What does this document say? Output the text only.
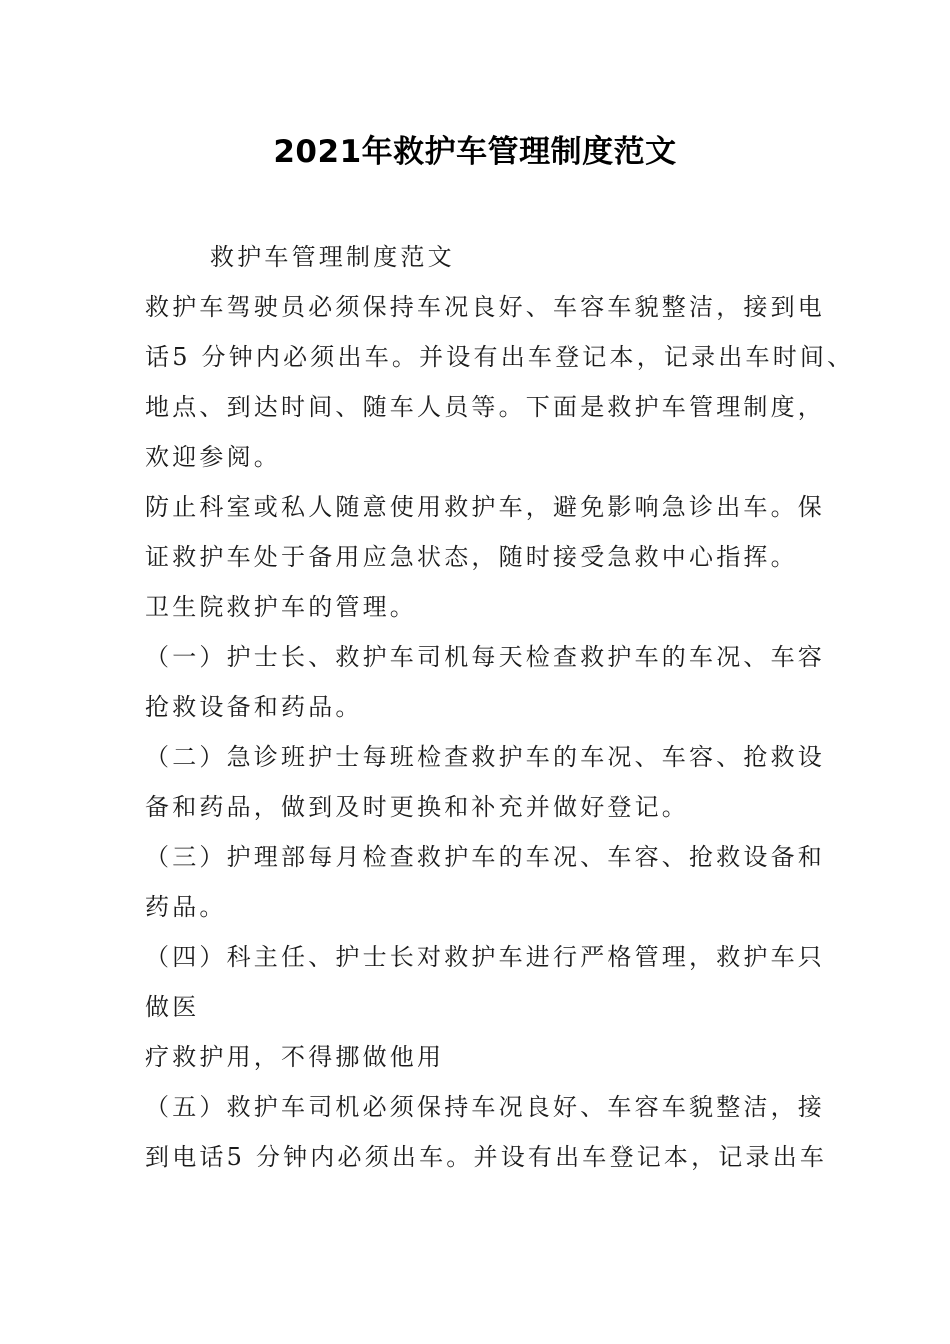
2021年救护车管理制度范文
救护车管理制度范文
救护车驾驶员必须保持车况良好、车容车貌整洁，接到电
话5 分钟内必须出车。并设有出车登记本，记录出车时间、
地点、到达时间、随车人员等。下面是救护车管理制度，
欢迎参阅。
防止科室或私人随意使用救护车，避免影响急诊出车。保
证救护车处于备用应急状态，随时接受急救中心指挥。
卫生院救护车的管理。
（一）护士长、救护车司机每天检查救护车的车况、车容
抢救设备和药品。
（二）急诊班护士每班检查救护车的车况、车容、抢救设
备和药品，做到及时更换和补充并做好登记。
（三）护理部每月检查救护车的车况、车容、抢救设备和
药品。
（四）科主任、护士长对救护车进行严格管理，救护车只
做医
疗救护用，不得挪做他用
（五）救护车司机必须保持车况良好、车容车貌整洁，接
到电话5 分钟内必须出车。并设有出车登记本，记录出车
